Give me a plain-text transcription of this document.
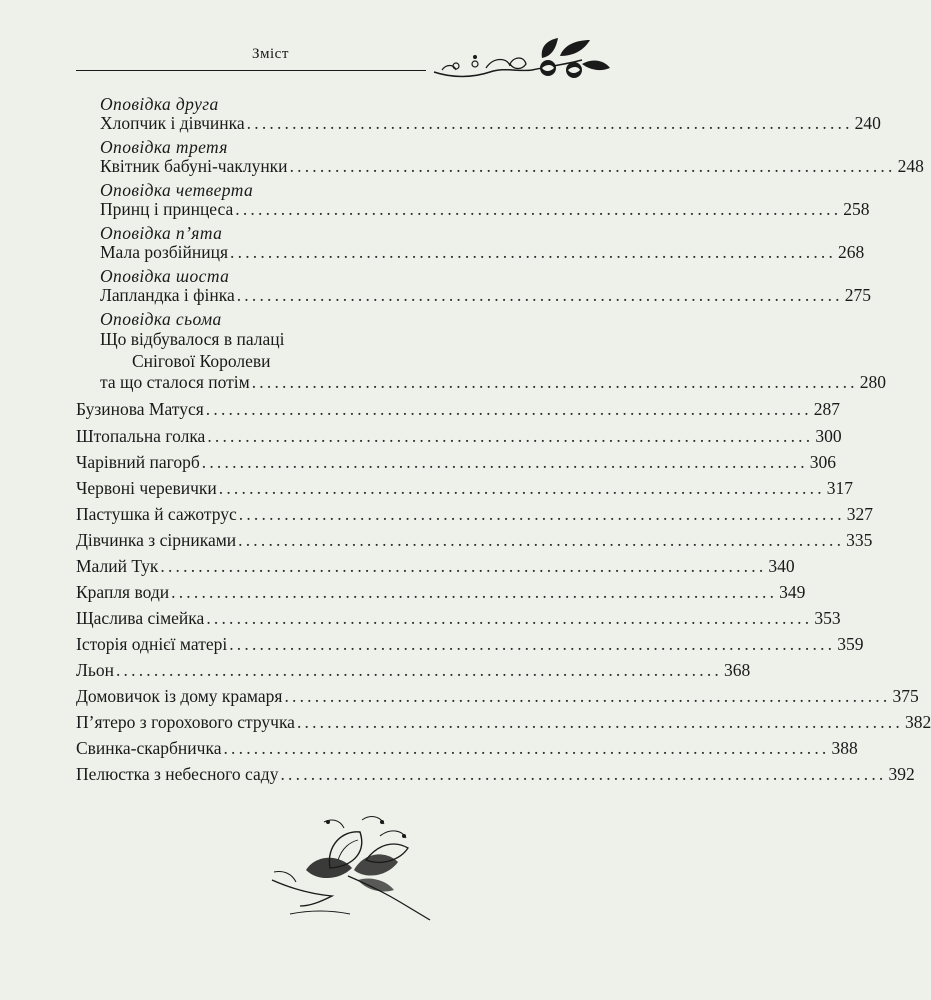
Зміст
Оповідка друга
Хлопчик і дівчинка ................................................................................ 240
Оповідка третя
Квітник бабуні-чаклунки ................................................................................ 248
Оповідка четверта
Принц і принцеса ................................................................................ 258
Оповідка п’ята
Мала розбійниця ................................................................................ 268
Оповідка шоста
Лапландка і фінка ................................................................................ 275
Оповідка сьома
Що відбувалося в палаці
Снігової Королеви
та що сталося потім ................................................................................ 280
Бузинова Матуся ................................................................................ 287
Штопальна голка ................................................................................ 300
Чарівний пагорб ................................................................................ 306
Червоні черевички ................................................................................ 317
Пастушка й сажотрус ................................................................................ 327
Дівчинка з сірниками ................................................................................ 335
Малий Тук ................................................................................ 340
Крапля води ................................................................................ 349
Щаслива сімейка ................................................................................ 353
Історія однієї матері ................................................................................ 359
Льон ................................................................................ 368
Домовичок із дому крамаря ................................................................................ 375
П’ятеро з горохового стручка ................................................................................ 382
Свинка-скарбничка ................................................................................ 388
Пелюстка з небесного саду ................................................................................ 392
